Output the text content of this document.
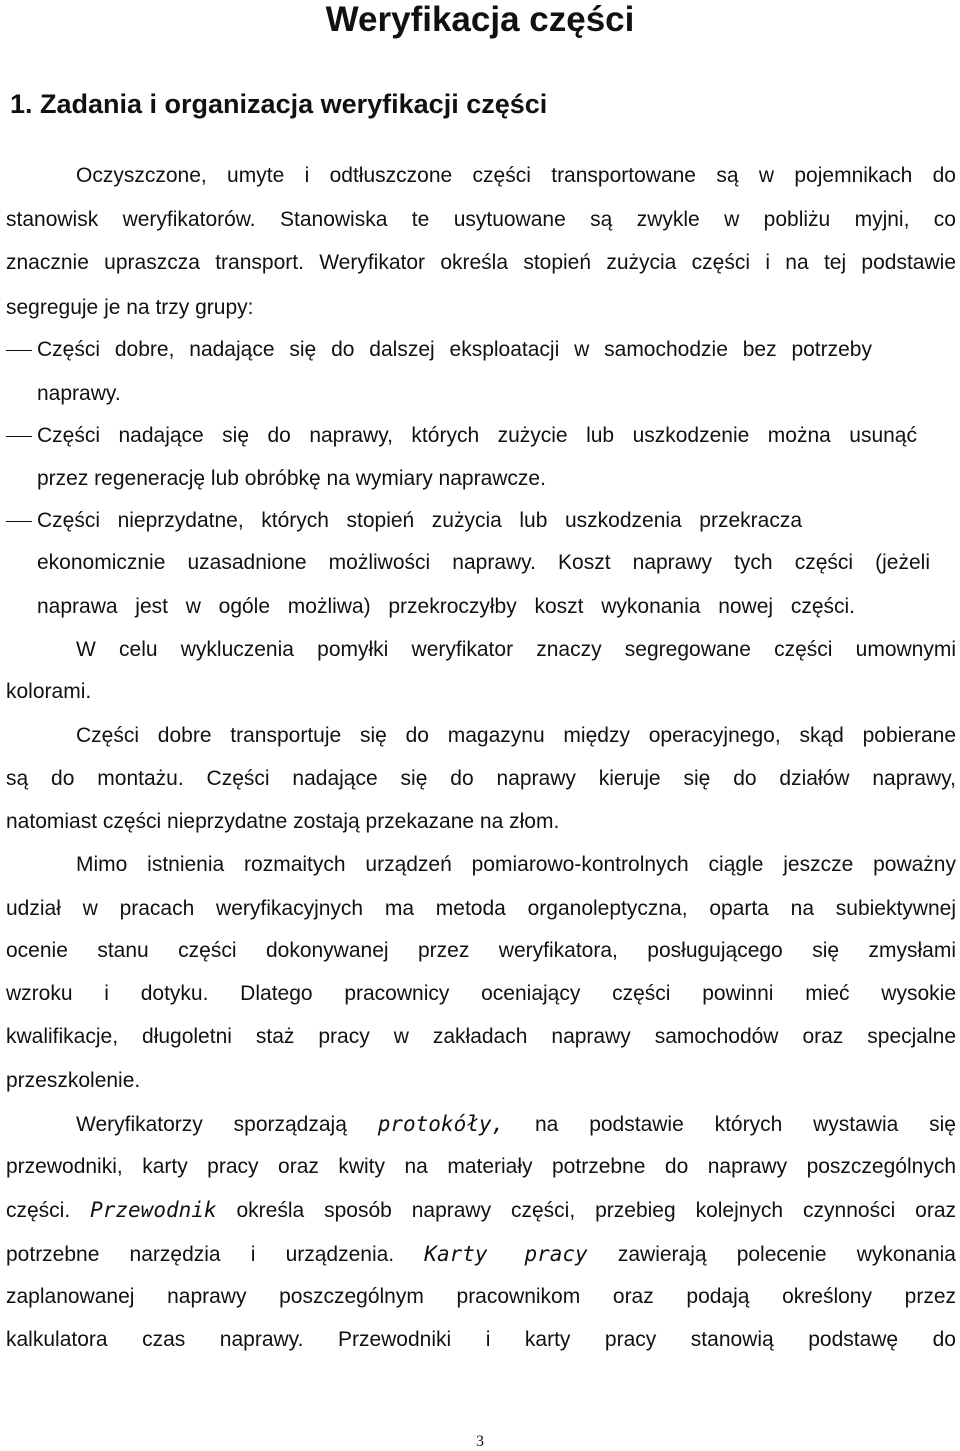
Weryfikacja części
1. Zadania i organizacja weryfikacji części
Oczyszczone, umyte i odtłuszczone części transportowane są w pojemnikach do
stanowisk weryfikatorów. Stanowiska te usytuowane są zwykle w pobliżu myjni, co
znacznie upraszcza transport. Weryfikator określa stopień zużycia części i na tej podstawie
segreguje je na trzy grupy:
Części dobre, nadające się do dalszej eksploatacji w samochodzie bez potrzeby
naprawy.
Części nadające się do naprawy, których zużycie lub uszkodzenie można usunąć
przez regenerację lub obróbkę na wymiary naprawcze.
Części nieprzydatne, których stopień zużycia lub uszkodzenia przekracza
ekonomicznie uzasadnione możliwości naprawy. Koszt naprawy tych części (jeżeli
naprawa jest w ogóle możliwa) przekroczyłby koszt wykonania nowej części.
W celu wykluczenia pomyłki weryfikator znaczy segregowane części umownymi
kolorami.
Części dobre transportuje się do magazynu między operacyjnego, skąd pobierane
są do montażu. Części nadające się do naprawy kieruje się do działów naprawy,
natomiast części nieprzydatne zostają przekazane na złom.
Mimo istnienia rozmaitych urządzeń pomiarowo-kontrolnych ciągle jeszcze poważny
udział w pracach weryfikacyjnych ma metoda organoleptyczna, oparta na subiektywnej
ocenie stanu części dokonywanej przez weryfikatora, posługującego się zmysłami
wzroku i dotyku. Dlatego pracownicy oceniający części powinni mieć wysokie
kwalifikacje, długoletni staż pracy w zakładach naprawy samochodów oraz specjalne
przeszkolenie.
Weryfikatorzy sporządzają protokóły, na podstawie których wystawia się
przewodniki, karty pracy oraz kwity na materiały potrzebne do naprawy poszczególnych
części. Przewodnik określa sposób naprawy części, przebieg kolejnych czynności oraz
potrzebne narzędzia i urządzenia. Karty pracy zawierają polecenie wykonania
zaplanowanej naprawy poszczególnym pracownikom oraz podają określony przez
kalkulatora czas naprawy. Przewodniki i karty pracy stanowią podstawę do
3
